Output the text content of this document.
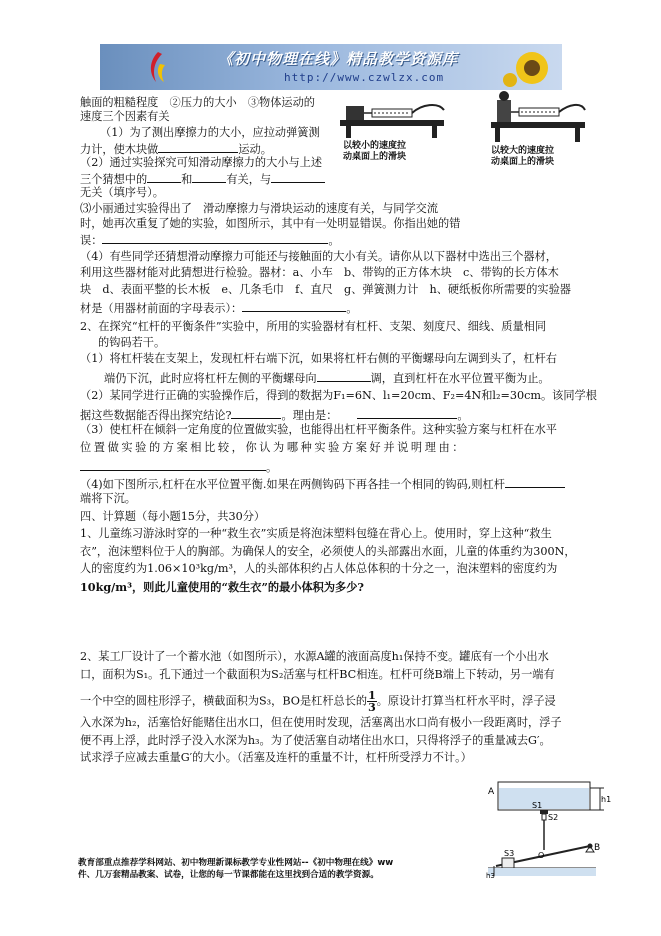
《初中物理在线》精品教学资源库
http://www.czwlzx.com
以较小的速度拉
动桌面上的滑块
以较大的速度拉
动桌面上的滑块
触面的粗糙程度　②压力的大小　③物体运动的
速度三个因素有关
（1）为了测出摩擦力的大小，应拉动弹簧测
力计，使木块做	运动。
（2）通过实验探究可知滑动摩擦力的大小与上述
三个猜想中的	和	有关，与
无关（填序号）。
⑶小丽通过实验得出了　滑动摩擦力与滑块运动的速度有关，与同学交流
时，她再次重复了她的实验，如图所示，其中有一处明显错误。你指出她的错
误：	。
（4）有些同学还猜想滑动摩擦力可能还与接触面的大小有关。请你从以下器材中选出三个器材，
利用这些器材能对此猜想进行检验。器材：a、小车　b、带钩的正方体木块　c、带钩的长方体木
块　d、表面平整的长木板　e、几条毛巾　f、直尺　g、弹簧测力计　h、硬纸板你所需要的实验器
材是（用器材前面的字母表示）：	。
2、在探究“杠杆的平衡条件”实验中，所用的实验器材有杠杆、支架、刻度尺、细线、质量相同
的钩码若干。
（1）将杠杆装在支架上，发现杠杆右端下沉，如果将杠杆右侧的平衡螺母向左调到头了，杠杆右
端仍下沉，此时应将杠杆左侧的平衡螺母向	调，直到杠杆在水平位置平衡为止。
（2）某同学进行正确的实验操作后，得到的数据为F₁=6N、l₁=20cm、F₂=4N和l₂=30cm。该同学根
据这些数据能否得出探究结论?	。理由是：	。
（3）使杠杆在倾斜一定角度的位置做实验，也能得出杠杆平衡条件。这种实验方案与杠杆在水平
位置做实验的方案相比较，你认为哪种实验方案好并说明理由：
。
（4)如下图所示,杠杆在水平位置平衡.如果在两侧钩码下再各挂一个相同的钩码,则杠杆
端将下沉。
四、计算题（每小题15分，共30分）
1、儿童练习游泳时穿的一种“救生衣”实质是将泡沫塑料包缝在背心上。使用时，穿上这种“救生
衣”，泡沫塑料位于人的胸部。为确保人的安全，必须使人的头部露出水面，儿童的体重约为300N，
人的密度约为1.06×10³kg/m³，人的头部体积约占人体总体积的十分之一，泡沫塑料的密度约为
10kg/m³，则此儿童使用的“救生衣”的最小体积为多少?
2、某工厂设计了一个蓄水池（如图所示），水源A罐的液面高度h₁保持不变。罐底有一个小出水
口，面积为S₁。孔下通过一个截面积为S₂活塞与杠杆BC相连。杠杆可绕B端上下转动，另一端有
一个中空的圆柱形浮子，横截面积为S₃，BO是杠杆总长的 $\frac{1}{3}$ 。原设计打算当杠杆水平时，浮子浸
入水深为h₂，活塞恰好能赌住出水口，但在使用时发现，活塞离出水口尚有极小一段距离时，浮子
便不再上浮，此时浮子没入水深为h₃。为了使活塞自动堵住出水口，只得将浮子的重量减去G′。
试求浮子应减去重量G′的大小。（活塞及连杆的重量不计，杠杆所受浮力不计。）
A
B
S1
S2
S3	O
h1
h3
教育部重点推荐学科网站、初中物理新课标教学专业性网站--《初中物理在线》ww
件、几万套精品教案、试卷，让您的每一节课都能在这里找到合适的教学资源。
